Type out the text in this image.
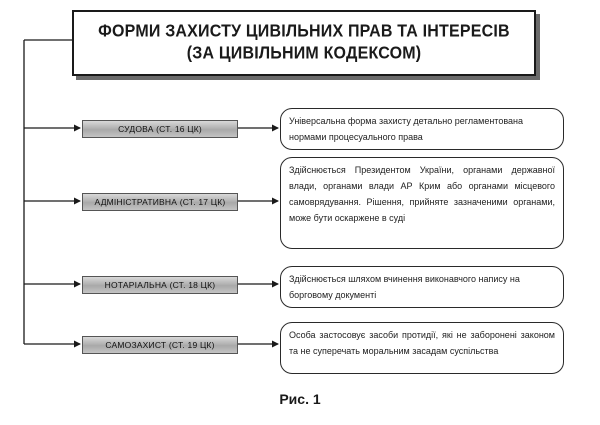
ФОРМИ ЗАХИСТУ ЦИВІЛЬНИХ ПРАВ ТА ІНТЕРЕСІВ
(ЗА ЦИВІЛЬНИМ КОДЕКСОМ)
СУДОВА (СТ. 16 ЦК)
АДМІНІСТРАТИВНА (СТ. 17 ЦК)
НОТАРІАЛЬНА (СТ. 18 ЦК)
САМОЗАХИСТ (СТ. 19 ЦК)
Універсальна форма захисту детально регламентована нормами процесуального права
Здійснюється Президентом України, органами державної влади, органами влади АР Крим або органами місцевого самоврядування. Рішення, прийняте зазначеними органами, може бути оскаржене в суді
Здійснюється шляхом вчинення виконавчого напису на борговому документі
Особа застосовує засоби протидії, які не заборонені законом та не суперечать моральним засадам суспільства
Рис. 1
